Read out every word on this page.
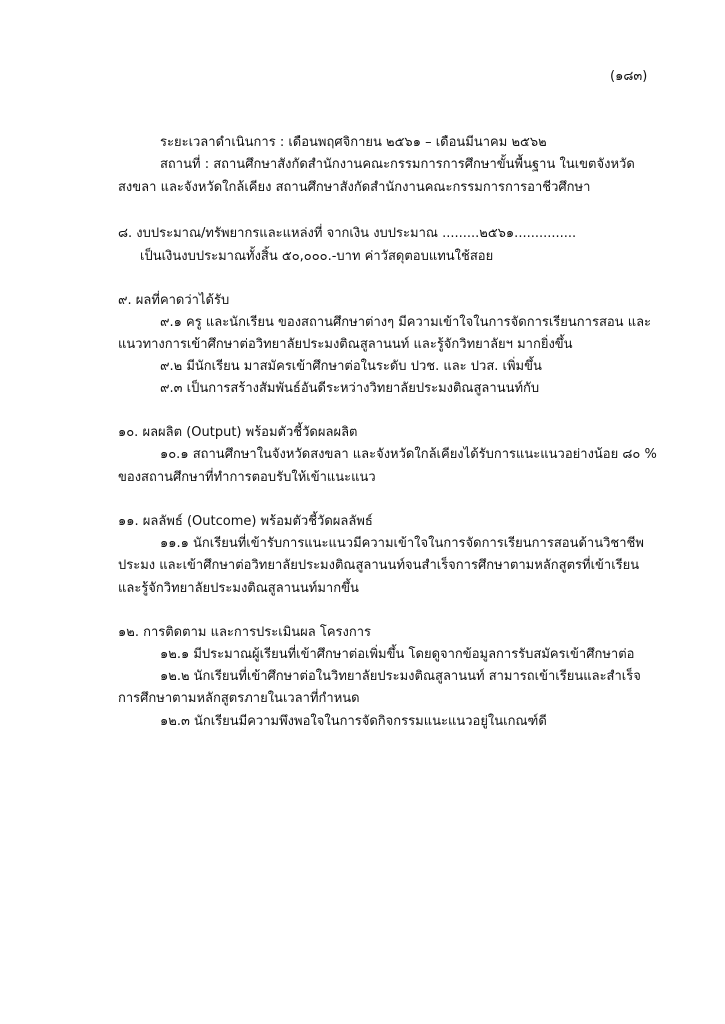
(๑๘๓)
ระยะเวลาดำเนินการ : เดือนพฤศจิกายน ๒๕๖๑ – เดือนมีนาคม ๒๕๖๒
สถานที่ : สถานศึกษาสังกัดสำนักงานคณะกรรมการการศึกษาขั้นพื้นฐาน ในเขตจังหวัด
สงขลา และจังหวัดใกล้เคียง สถานศึกษาสังกัดสำนักงานคณะกรรมการการอาชีวศึกษา
๘. งบประมาณ/ทรัพยากรและแหล่งที่ จากเงิน งบประมาณ .........๒๕๖๑...............
เป็นเงินงบประมาณทั้งสิ้น ๕๐,๐๐๐.-บาท ค่าวัสดุตอบแทนใช้สอย
๙. ผลที่คาดว่าได้รับ
๙.๑ ครู และนักเรียน ของสถานศึกษาต่างๆ มีความเข้าใจในการจัดการเรียนการสอน และ
แนวทางการเข้าศึกษาต่อวิทยาลัยประมงติณสูลานนท์ และรู้จักวิทยาลัยฯ มากยิ่งขึ้น
๙.๒ มีนักเรียน มาสมัครเข้าศึกษาต่อในระดับ ปวช. และ ปวส. เพิ่มขึ้น
๙.๓ เป็นการสร้างสัมพันธ์อันดีระหว่างวิทยาลัยประมงติณสูลานนท์กับ
๑๐. ผลผลิต (Output) พร้อมตัวชี้วัดผลผลิต
๑๐.๑ สถานศึกษาในจังหวัดสงขลา และจังหวัดใกล้เคียงได้รับการแนะแนวอย่างน้อย ๘๐ %
ของสถานศึกษาที่ทำการตอบรับให้เข้าแนะแนว
๑๑. ผลลัพธ์ (Outcome) พร้อมตัวชี้วัดผลลัพธ์
๑๑.๑ นักเรียนที่เข้ารับการแนะแนวมีความเข้าใจในการจัดการเรียนการสอนด้านวิชาชีพ
ประมง และเข้าศึกษาต่อวิทยาลัยประมงติณสูลานนท์จนสำเร็จการศึกษาตามหลักสูตรที่เข้าเรียน
และรู้จักวิทยาลัยประมงติณสูลานนท์มากขึ้น
๑๒. การติดตาม และการประเมินผล โครงการ
๑๒.๑ มีประมาณผู้เรียนที่เข้าศึกษาต่อเพิ่มขึ้น โดยดูจากข้อมูลการรับสมัครเข้าศึกษาต่อ
๑๒.๒ นักเรียนที่เข้าศึกษาต่อในวิทยาลัยประมงติณสูลานนท์ สามารถเข้าเรียนและสำเร็จ
การศึกษาตามหลักสูตรภายในเวลาที่กำหนด
๑๒.๓ นักเรียนมีความพึงพอใจในการจัดกิจกรรมแนะแนวอยู่ในเกณฑ์ดี
